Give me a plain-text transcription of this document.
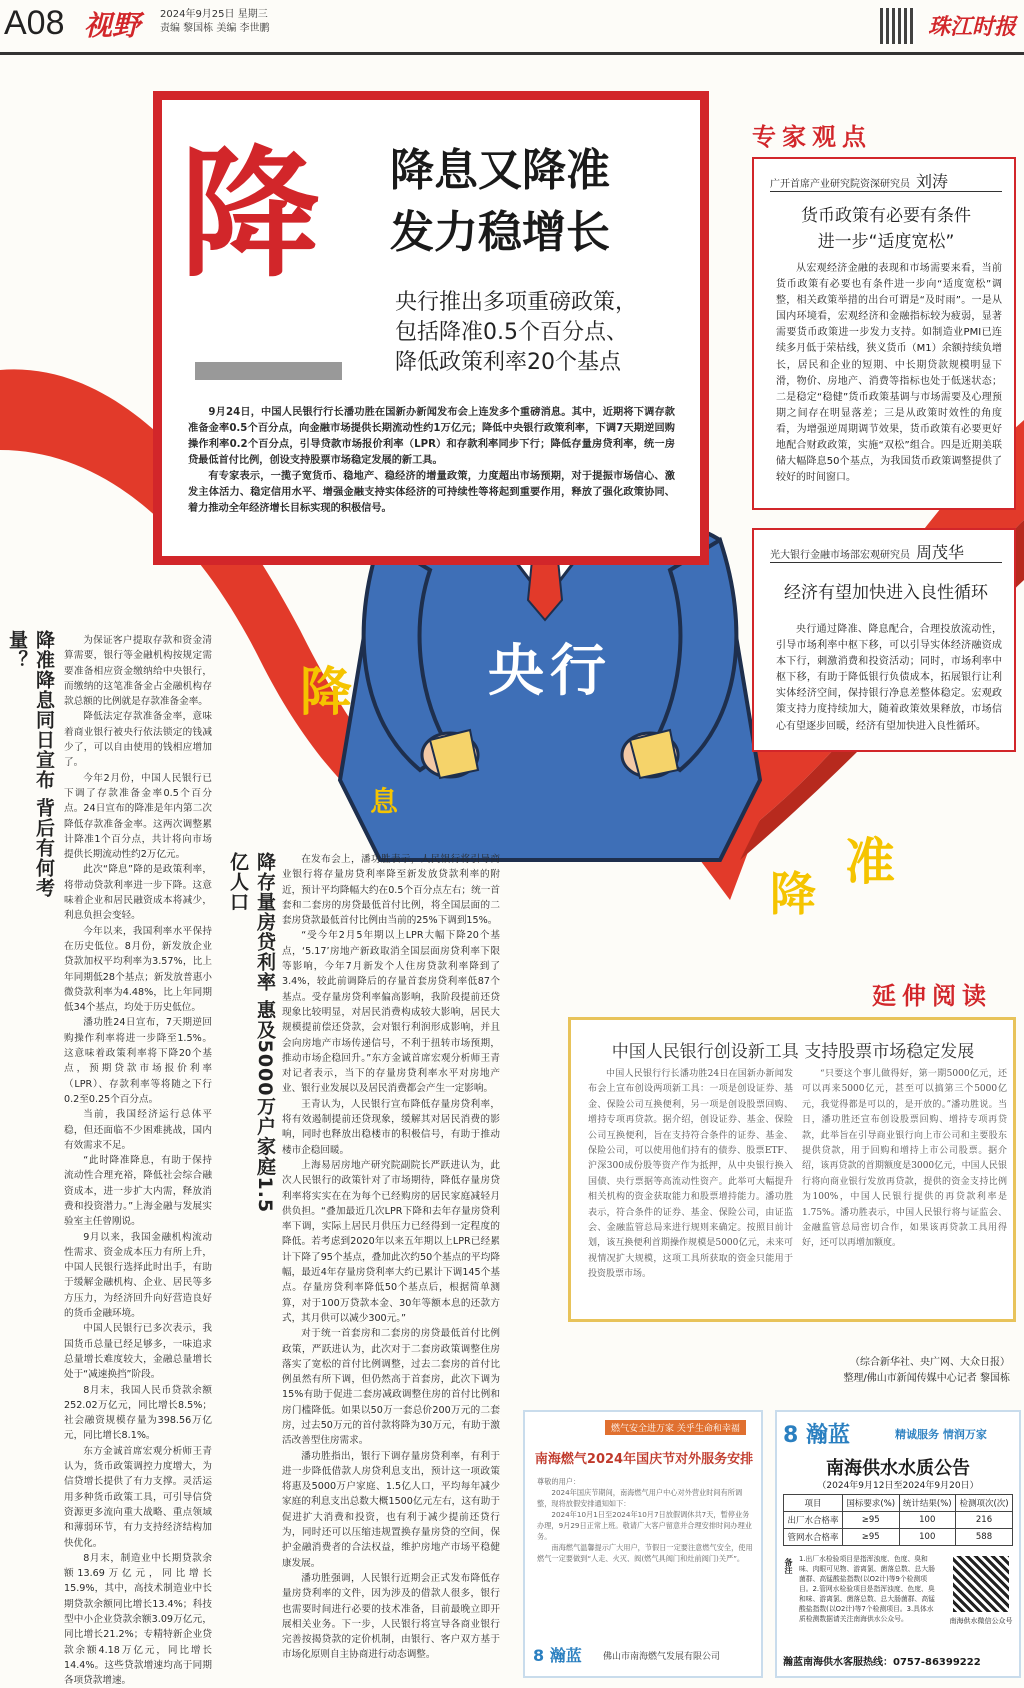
A08 视野 2024年9月25日 星期三
责编 黎国栋 美编 李世鹏	珠江时报
央行
降
息
降
准
降 降息又降准
发力稳增长
央行推出多项重磅政策，
包括降准0.5个百分点、
降低政策利率20个基点

9月24日，中国人民银行行长潘功胜在国新办新闻发布会上连发多个重磅消息。其中，近期将下调存款准备金率0.5个百分点，向金融市场提供长期流动性约1万亿元；降低中央银行政策利率，下调7天期逆回购操作利率0.2个百分点，引导贷款市场报价利率（LPR）和存款利率同步下行；降低存量房贷利率，统一房贷最低首付比例，创设支持股票市场稳定发展的新工具。

有专家表示，一揽子宽货币、稳地产、稳经济的增量政策，力度超出市场预期，对于提振市场信心、激发主体活力、稳定信用水平、增强金融支持实体经济的可持续性等将起到重要作用，释放了强化政策协同、着力推动全年经济增长目标实现的积极信号。

专家观点
广开首席产业研究院资深研究员 刘涛
货币政策有必要有条件
进一步“适度宽松”

从宏观经济金融的表现和市场需要来看，当前货币政策有必要也有条件进一步向“适度宽松”调整，相关政策举措的出台可谓是“及时雨”。一是从国内环境看，宏观经济和金融指标较为疲弱，显著需要货币政策进一步发力支持。如制造业PMI已连续多月低于荣枯线，狭义货币（M1）余额持续负增长，居民和企业的短期、中长期贷款规模明显下滑，物价、房地产、消费等指标也处于低迷状态；二是稳定“稳健”货币政策基调与市场需要及心理预期之间存在明显落差；三是从政策时效性的角度看，为增强逆周期调节效果，货币政策有必要更好地配合财政政策，实施“双松”组合。四是近期美联储大幅降息50个基点，为我国货币政策调整提供了较好的时间窗口。

光大银行金融市场部宏观研究员 周茂华
经济有望加快进入良性循环

央行通过降准、降息配合，合理投放流动性，引导市场利率中枢下移，可以引导实体经济融资成本下行，刺激消费和投资活动；同时，市场利率中枢下移，有助于降低银行负债成本，拓展银行让利实体经济空间，保持银行净息差整体稳定。宏观政策支持力度持续加大，随着政策效果释放，市场信心有望逐步回暖，经济有望加快进入良性循环。

降准降息同日宣布 背后有何考量？	为保证客户提取存款和资金清算需要，银行等金融机构按规定需要准备相应资金缴纳给中央银行，而缴纳的这笔准备金占金融机构存款总额的比例就是存款准备金率。

降低法定存款准备金率，意味着商业银行被央行依法锁定的钱减少了，可以自由使用的钱相应增加了。

今年2月份，中国人民银行已下调了存款准备金率0.5个百分点。24日宣布的降准是年内第二次降低存款准备金率。这两次调整累计降准1个百分点，共计将向市场提供长期流动性约2万亿元。

此次“降息”降的是政策利率，将带动贷款利率进一步下降。这意味着企业和居民融资成本将减少，利息负担会变轻。

今年以来，我国利率水平保持在历史低位。8月份，新发放企业贷款加权平均利率为3.57%，比上年同期低28个基点；新发放普惠小微贷款利率为4.48%，比上年同期低34个基点，均处于历史低位。

潘功胜24日宣布，7天期逆回购操作利率将进一步降至1.5%。这意味着政策利率将下降20个基点，预期贷款市场报价利率（LPR）、存款利率等将随之下行0.2至0.25个百分点。

当前，我国经济运行总体平稳，但还面临不少困难挑战，国内有效需求不足。

“此时降准降息，有助于保持流动性合理充裕，降低社会综合融资成本，进一步扩大内需，释放消费和投资潜力。”上海金融与发展实验室主任曾刚说。

9月以来，我国金融机构流动性需求、资金成本压力有所上升，中国人民银行选择此时出手，有助于缓解金融机构、企业、居民等多方压力，为经济回升向好营造良好的货币金融环境。

中国人民银行已多次表示，我国货币总量已经足够多，一味追求总量增长难度较大，金融总量增长处于“减速换挡”阶段。

8月末，我国人民币贷款余额252.02万亿元，同比增长8.5%；社会融资规模存量为398.56万亿元，同比增长8.1%。

东方金诚首席宏观分析师王青认为，货币政策调控力度增大，为信贷增长提供了有力支撑。灵活运用多种货币政策工具，可引导信贷资源更多流向重大战略、重点领域和薄弱环节，有力支持经济结构加快优化。

8月末，制造业中长期贷款余额13.69万亿元，同比增长15.9%，其中，高技术制造业中长期贷款余额同比增长13.4%；科技型中小企业贷款余额3.09万亿元，同比增长21.2%；专精特新企业贷款余额4.18万亿元，同比增长14.4%。这些贷款增速均高于同期各项贷款增速。

降存量房贷利率 惠及5000万户家庭1.5亿人口	在发布会上，潘功胜表示，人民银行将引导商业银行将存量房贷利率降至新发放贷款利率的附近，预计平均降幅大约在0.5个百分点左右；统一首套和二套房的房贷最低首付比例，将全国层面的二套房贷款最低首付比例由当前的25%下调到15%。

“受今年2月5年期以上LPR大幅下降20个基点，‘5.17’房地产新政取消全国层面房贷利率下限等影响，今年7月新发个人住房贷款利率降到了3.4%，较此前调降后的存量首套房贷利率低87个基点。受存量房贷利率偏高影响，我阶段提前还贷现象比较明显，对居民消费构成较大影响，居民大规模提前偿还贷款，会对银行利润形成影响，并且会向房地产市场传递信号，不利于扭转市场预期，推动市场企稳回升。”东方金诚首席宏观分析师王青对记者表示，当下的存量房贷利率水平对房地产业、银行业发展以及居民消费都会产生一定影响。

王青认为，人民银行宣布降低存量房贷利率，将有效遏制提前还贷现象，缓解其对居民消费的影响，同时也释放出稳楼市的积极信号，有助于推动楼市企稳回暖。

上海易居房地产研究院副院长严跃进认为，此次人民银行的政策针对了市场期待，降低存量房贷利率将实实在在为每个已经购房的居民家庭减轻月供负担。“叠加最近几次LPR下降和去年存量房贷利率下调，实际上居民月供压力已经得到一定程度的降低。若考虑到2020年以来五年期以上LPR已经累计下降了95个基点，叠加此次约50个基点的平均降幅，最近4年存量房贷利率大约已累计下调145个基点。存量房贷利率降低50个基点后，根据简单测算，对于100万贷款本金、30年等额本息的还款方式，其月供可以减少300元。”

对于统一首套房和二套房的房贷最低首付比例政策，严跃进认为，此次对于二套房政策调整住房落实了宽松的首付比例调整，过去二套房的首付比例虽然有所下调，但仍然高于首套房，此次下调为15%有助于促进二套房减政调整住房的首付比例和房门槛降低。如果以50万一套总价200万元的二套房，过去50万元的首付款将降为30万元，有助于激活改善型住房需求。

潘功胜指出，银行下调存量房贷利率，有利于进一步降低借款人房贷利息支出，预计这一项政策将惠及5000万户家庭、1.5亿人口，平均每年减少家庭的利息支出总数大概1500亿元左右，这有助于促进扩大消费和投资，也有利于减少提前还贷行为，同时还可以压缩违规置换存量房贷的空间，保护金融消费者的合法权益，维护房地产市场平稳健康发展。

潘功胜强调，人民银行近期会正式发布降低存量房贷利率的文件，因为涉及的借款人很多，银行也需要时间进行必要的技术准备，目前最晚立即开展相关业务。下一步，人民银行将宣导各商业银行完善按揭贷款的定价机制，由银行、客户双方基于市场化原则自主协商进行动态调整。

延伸阅读
中国人民银行创设新工具 支持股票市场稳定发展

中国人民银行行长潘功胜24日在国新办新闻发布会上宣布创设两项新工具：一项是创设证券、基金、保险公司互换便利，另一项是创设股票回购、增持专项再贷款。据介绍，创设证券、基金、保险公司互换便利，旨在支持符合条件的证券、基金、保险公司，可以使用他们持有的债券、股票ETF、沪深300成份股等资产作为抵押，从中央银行换入国债、央行票据等高流动性资产。此举可大幅提升相关机构的资金获取能力和股票增持能力。潘功胜表示，符合条件的证券、基金、保险公司，由证监会、金融监管总局来进行规则来确定。按照目前计划，该互换便利首期操作规模是5000亿元，未来可视情况扩大规模，这项工具所获取的资金只能用于投资股票市场。

“只要这个事儿做得好，第一期5000亿元，还可以再来5000亿元，甚至可以搞第三个5000亿元，我觉得都是可以的，是开放的。”潘功胜说。当日，潘功胜还宣布创设股票回购、增持专项再贷款，此举旨在引导商业银行向上市公司和主要股东提供贷款，用于回购和增持上市公司股票。据介绍，该再贷款的首期额度是3000亿元，中国人民银行将向商业银行发放再贷款，提供的资金支持比例为100%，中国人民银行提供的再贷款利率是1.75%。潘功胜表示，中国人民银行将与证监会、金融监管总局密切合作，如果该再贷款工具用得好，还可以再增加额度。

（综合新华社、央广网、大众日报）
整理/佛山市新闻传媒中心记者 黎国栋
燃气安全进万家 关乎生命和幸福
南海燃气2024年国庆节对外服务安排
尊敬的用户：
2024年国庆节期间，南海燃气用户中心对外营业时间有所调整，现将放假安排通知如下：
2024年10月1日至2024年10月7日放假调休共7天，暂停业务办理，9月29日正常上班。敬请广大客户留意并合理安排时间办理业务。
南海燃气温馨提示广大用户，节假日一定要注意燃气安全，使用燃气一定要做到“人走、火灭、阀(燃气具阀门和灶前阀门)关严”。
8 瀚蓝 佛山市南海燃气发展有限公司
8 瀚蓝	精诚服务 情润万家
南海供水水质公告
（2024年9月12日至2024年9月20日）
项目	国标要求(%)	统计结果(%)	检测项次(次)
出厂水合格率	≥95	100	216
管网水合格率	≥95	100	588
备注 1.出厂水检验项目是指浑浊度、色度、臭和味、肉眼可见物、游离氯、菌落总数、总大肠菌群、高锰酸盐指数(以O2计)等9个检测项目。2.管网水检验项目是指浑浊度、色度、臭和味、游离氯、菌落总数、总大肠菌群、高锰酸盐指数(以O2计)等7个检测项目。3.具体水质检测数据请关注南海供水公众号。	南海供水微信公众号
瀚蓝南海供水客服热线：0757-86399222
